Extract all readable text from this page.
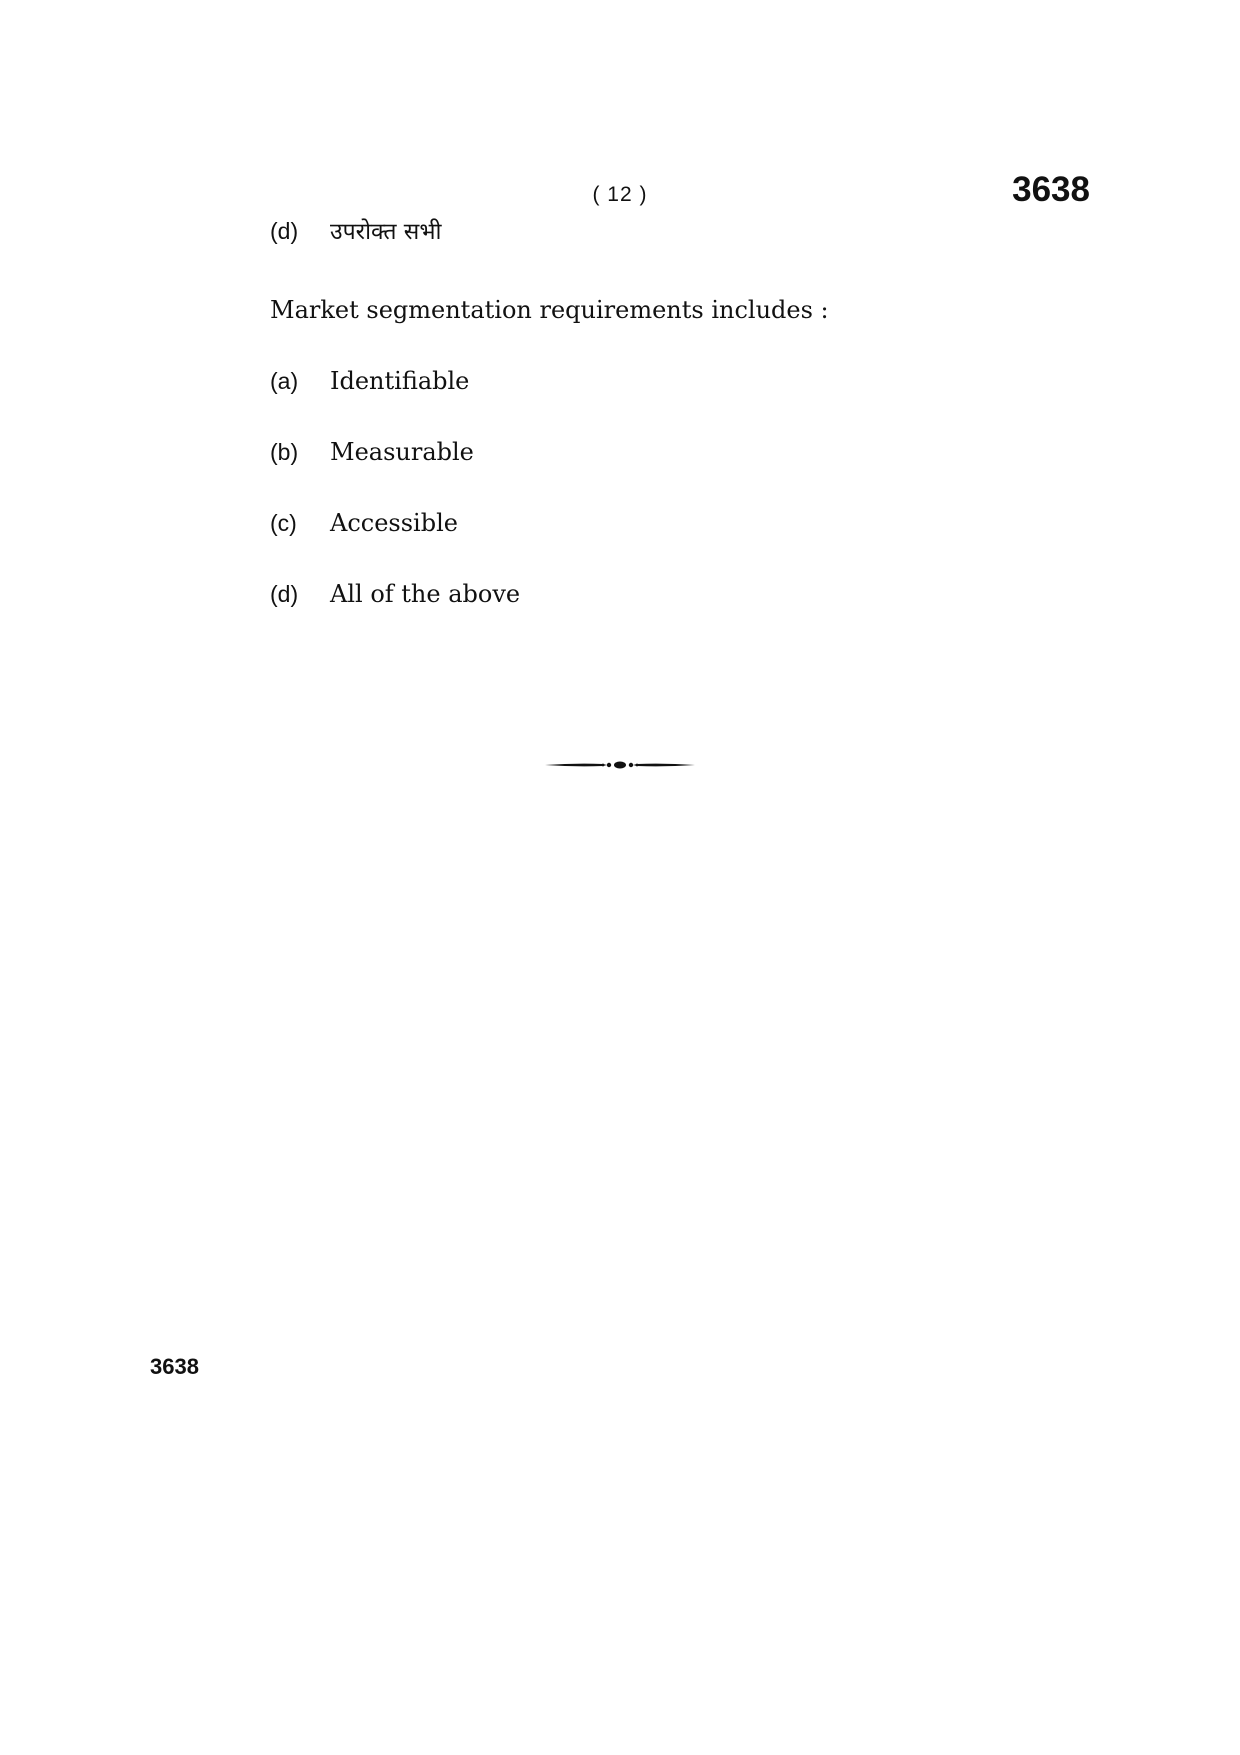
( 12 )	3638
(d)	उपरोक्त सभी
Market segmentation requirements includes :
(a)	Identifiable
(b)	Measurable
(c)	Accessible
(d)	All of the above
3638
